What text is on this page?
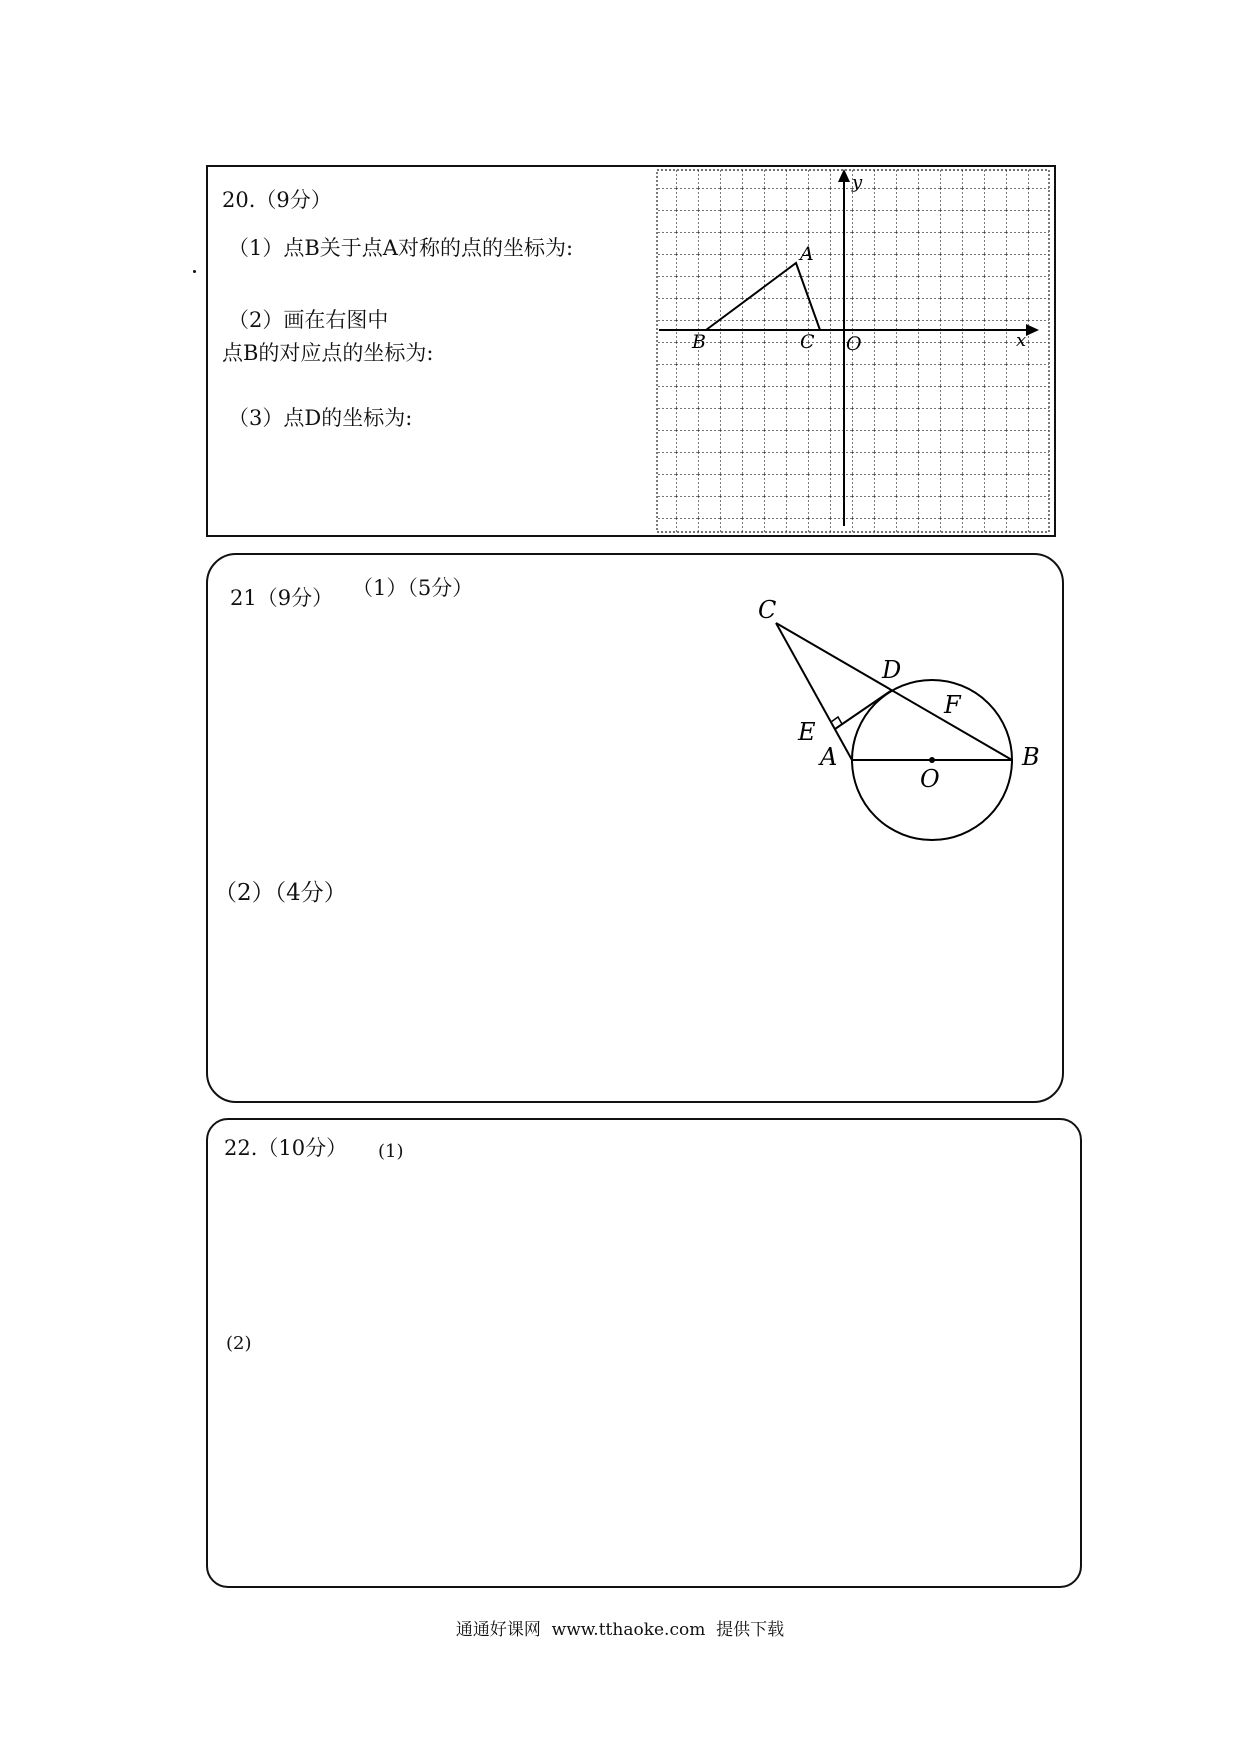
20.（9分）
（1）点B关于点A对称的点的坐标为:
（2）画在右图中
点B的对应点的坐标为:
（3）点D的坐标为:
A
B	C O	x
y
21（9分） （1）（5分）
（2）（4分）
C
D
F
E
A
O
B
22.（10分） (1)
(2)
通通好课网  www.tthaoke.com  提供下载
